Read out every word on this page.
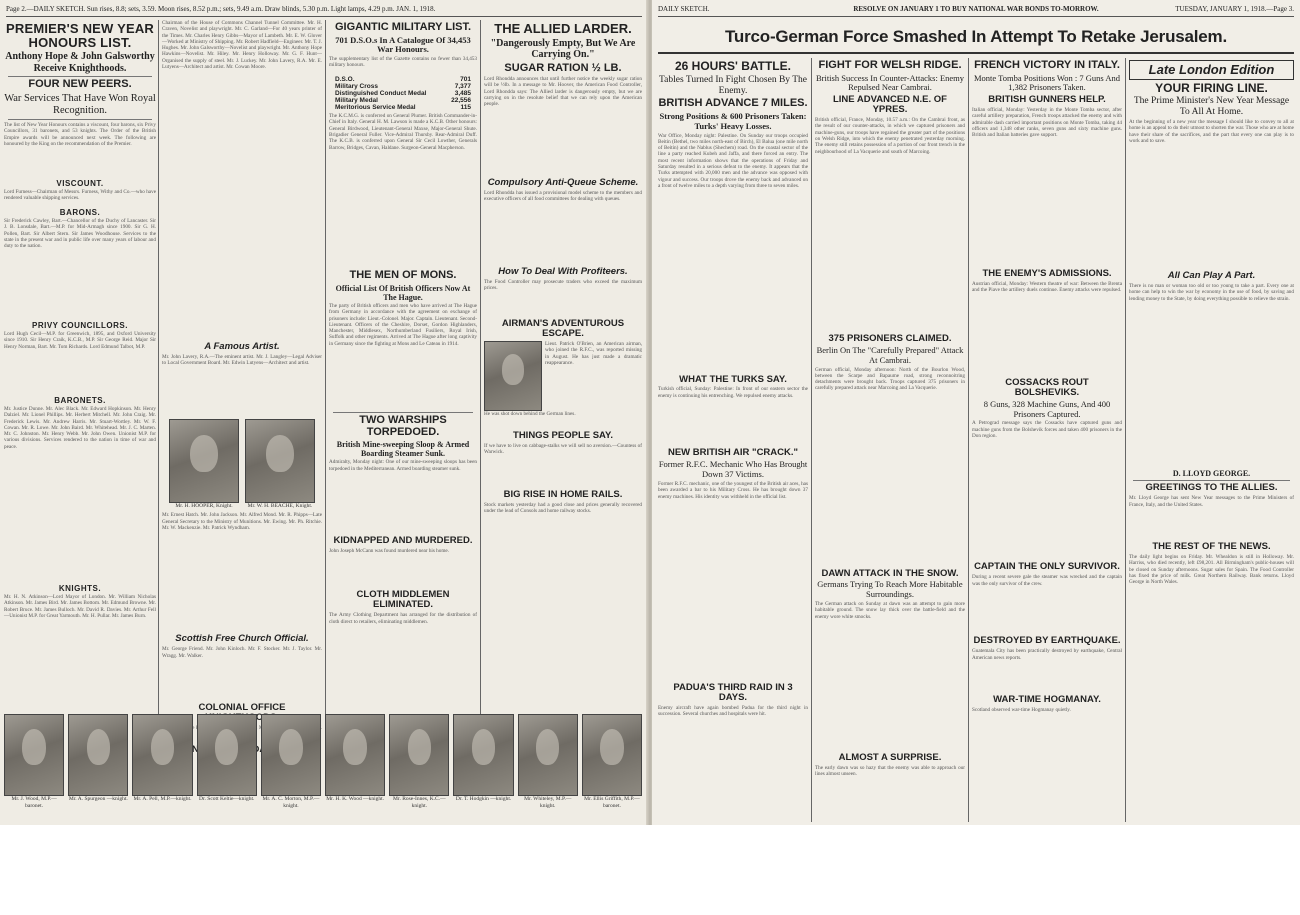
Page 2.—DAILY SKETCH. Sun rises, 8.8; sets, 3.59. Moon rises, 8.52 p.m.; sets, 9.49 a.m. Draw blinds, 5.30 p.m. Light lamps, 4.29 p.m. JAN. 1, 1918.
PREMIER'S NEW YEAR HONOURS LIST.
Anthony Hope & John Galsworthy Receive Knighthoods.
FOUR NEW PEERS.
War Services That Have Won Royal Recognition.
The list of New Year Honours contains a viscount, four barons, six Privy Councillors, 31 baronets, and 53 knights. The Order of the British Empire awards will be announced next week. The following are honoured by the King on the recommendation of the Premier.
VISCOUNT.
Lord Furness—Chairman of Messrs. Furness, Withy and Co.—who have rendered valuable shipping services.
BARONS.
Sir Frederick Cawley, Bart.—Chancellor of the Duchy of Lancaster. Sir J. B. Lonsdale, Bart.—M.P. for Mid-Armagh since 1900. Sir G. H. Pollen, Bart. Sir Albert Stern. Sir James Woodhouse. Services to the state in the present war and in public life over many years of labour and duty to the nation.
PRIVY COUNCILLORS.
Lord Hugh Cecil—M.P. for Greenwich, 1895, and Oxford University since 1910. Sir Henry Craik, K.C.B., M.P. Sir George Reid. Major Sir Henry Norman, Bart. Mr. Tom Richards. Lord Edmund Talbot, M.P.
BARONETS.
Mr. Justice Dunne. Mr. Alec Black. Mr. Edward Hopkinson. Mr. Henry Dalziel. Mr. Lionel Phillips. Mr. Herbert Mitchell. Mr. John Craig. Mr. Frederick Lewis. Mr. Andrew Harris. Mr. Stuart-Wortley. Mr. W. F. Cowan. Mr. R. Lowe. Mr. John Baird. Mr. Whitehead. Mr. J. C. Marten. Mr. C. Johnston. Mr. Henry Webb. Mr. John Owen. Unionist M.P. for various divisions. Services rendered to the nation in time of war and peace.
KNIGHTS.
Mr. H. N. Atkinson—Lord Mayor of London. Mr. William Nicholas Atkinson. Mr. James Bird. Mr. James Bottom. Mr. Edmund Browne. Mr. Robert Bruce. Mr. James Bulloch. Mr. David R. Davies. Mr. Arthur Fell—Unionist M.P. for Great Yarmouth. Mr. H. Pullar. Mr. James Burn.
Chairman of the House of Commons Channel Tunnel Committee. Mr. H. Craven, Novelist and playwright. Mr. C. Garland—For 40 years printer of the Times. Mr. Charles Henry Gibbs—Mayor of Lambeth. Mr. E. W. Glover—Worked at Ministry of Shipping. Mr. Robert Hadfield—Engineer. Mr. T. J. Hughes. Mr. John Galsworthy—Novelist and playwright. Mr. Anthony Hope Hawkins—Novelist. Mr. Hiley. Mr. Henry Holloway. Mr. G. F. Hunt—Organised the supply of steel. Mr. J. Luckey. Mr. John Lavery, R.A. Mr. E. Lutyens—Architect and artist. Mr. Cowan Moore.
A Famous Artist.
Mr. John Lavery, R.A.—The eminent artist. Mr. J. Langley—Legal Adviser to Local Government Board. Mr. Edwin Lutyens—Architect and artist.
Mr. H. HOOPER, Knight.	Mr. W. H. BEACHE, Knight.
Mr. Ernest Hatch. Mr. John Jackson. Mr. Alfred Mond. Mr. R. Phipps—Late General Secretary to the Ministry of Munitions. Mr. Ewing. Mr. Ph. Ritchie. Mr. W. Mackenzie. Mr. Patrick Wyndham.
Scottish Free Church Official.
Mr. George Friend. Mr. John Kinloch. Mr. F. Stocker. Mr. J. Taylor. Mr. Wragg. Mr. Walker.
COLONIAL OFFICE
KING
GIGANTIC MILITARY LIST.
701 D.S.O.s In A Catalogue Of 34,453 War Honours.
The supplementary list of the Gazette contains no fewer than 34,453 military honours.
D.S.O.	701
Military Cross	7,377
Distinguished Conduct Medal	3,485
Military Medal	22,556
Meritorious Service Medal	115
The K.C.M.G. is conferred on General Plumer. British Commander-in-Chief in Italy. General H. M. Lawson is made a K.C.B. Other honours: General Birdwood, Lieutenant-General Maxse, Major-General Shute. Brigadier General Fuller. Vice-Admiral Thursby. Rear-Admiral Duff. The K.C.B. is conferred upon General Sir Cecil Lowther, Generals Barrow, Bridges, Cavan, Haldane. Surgeon-General Macpherson.
THE MEN OF MONS.
Official List Of British Officers Now At The Hague.
The party of British officers and men who have arrived at The Hague from Germany in accordance with the agreement on exchange of prisoners include: Lieut.-Colonel. Major. Captain. Lieutenant. Second-Lieutenant. Officers of the Cheshire, Dorset, Gordon Highlanders, Manchester, Middlesex, Northumberland Fusiliers, Royal Irish, Suffolk and other regiments. Arrived at The Hague after long captivity in Germany since the fighting at Mons and Le Cateau in 1914.
THE ALLIED LARDER.
"Dangerously Empty, But We Are Carrying On."
SUGAR RATION ½ LB.
Lord Rhondda announces that until further notice the weekly sugar ration will be ½lb. In a message to Mr. Hoover, the American Food Controller, Lord Rhondda says: The Allied larder is dangerously empty, but we are carrying on in the resolute belief that we can rely upon the American people.
Compulsory Anti-Queue Scheme.
Lord Rhondda has issued a provisional model scheme to the members and executive officers of all food committees for dealing with queues.
How To Deal With Profiteers.
The Food Controller may prosecute traders who exceed the maximum prices.
AIRMAN'S ADVENTUROUS ESCAPE.
Lieut. Patrick O'Brien, an American airman, who joined the R.F.C., was reported missing in August. He has just made a dramatic reappearance.
He was shot down behind the German lines.
THINGS PEOPLE SAY.
If we have to live on cabbage-stalks we will sell no aversion.—Countess of Warwick.
BIG RISE IN HOME RAILS.
Stock markets yesterday had a good close and prices generally recovered under the lead of Consols and home railway stocks.
TWO WARSHIPS TORPEDOED.
British Mine-sweeping Sloop & Armed Boarding Steamer Sunk.
Admiralty, Monday night: One of our mine-sweeping sloops has been torpedoed in the Mediterranean. Armed boarding steamer sunk.
KIDNAPPED AND MURDERED.
John Joseph McCann was found murdered near his home.
CLOTH MIDDLEMEN ELIMINATED.
The Army Clothing Department has arranged for the distribution of cloth direct to retailers, eliminating middlemen.
Mr. J. Wood, M.P.—baronet.
Mr. A. Spurgeon —knight. Mr. A. Pell, M.P.—knight.	Dr. Scott Keltie—knight.	Mr. A. C. Morton, M.P.—knight.
Mr. H. K. Wood —knight.	Mr. Rose-Innes, K.C.—knight.
Dr. T. Hodgkin —knight.	Mr. Whiteley, M.P.—knight.
Mr. Ellis Griffith, M.P.—baronet.
DAILY SKETCH.	RESOLVE ON JANUARY 1 TO BUY NATIONAL WAR BONDS TO-MORROW.	TUESDAY, JANUARY 1, 1918.—Page 3.
Turco-German Force Smashed In Attempt To Retake Jerusalem.
26 HOURS' BATTLE.
Tables Turned In Fight Chosen By The Enemy.
BRITISH ADVANCE 7 MILES.
Strong Positions & 600 Prisoners Taken: Turks' Heavy Losses.
War Office, Monday night: Palestine. On Sunday our troops occupied Beitin (Bethel, two miles north-east of Birch), El Balua (one mile north of Beitin) and the Nablus (Shechem) road. On the coastal sector of the line a party reached Kubeh and Jaffa, and there forced an entry. The most recent information shows that the operations of Friday and Saturday resulted in a serious defeat to the enemy. It appears that the Turks attempted with 20,000 men and the advance was opposed with vigour and success. Our troops drove the enemy back and advanced on a front of twelve miles to a depth varying from three to seven miles.
WHAT THE TURKS SAY.
Turkish official, Sunday: Palestine: In front of our eastern sector the enemy is continuing his entrenching. We repulsed enemy attacks.
NEW BRITISH AIR "CRACK."
Former R.F.C. Mechanic Who Has Brought Down 37 Victims.
Former R.F.C. mechanic, one of the youngest of the British air aces, has been awarded a bar to his Military Cross. He has brought down 37 enemy machines. His identity was withheld in the official list.
PADUA'S THIRD RAID IN 3 DAYS.
Enemy aircraft have again bombed Padua for the third night in succession. Several churches and hospitals were hit.
FIGHT FOR WELSH RIDGE.
British Success In Counter-Attacks: Enemy Repulsed Near Cambrai.
LINE ADVANCED N.E. OF YPRES.
British official, France, Monday, 10.57 a.m.: On the Cambrai front, as the result of our counter-attacks, in which we captured prisoners and machine-guns, our troops have regained the greater part of the positions on Welsh Ridge, into which the enemy penetrated yesterday morning. The enemy still retains possession of a portion of our front trench in the neighbourhood of La Vacquerie and south of Marcoing.
375 PRISONERS CLAIMED.
Berlin On The "Carefully Prepared" Attack At Cambrai.
German official, Monday afternoon: North of the Bourlon Wood, between the Scarpe and Bapaume road, strong reconnoitring detachments were brought back. Troops captured 375 prisoners in carefully prepared attack near Marcoing and La Vacquerie.
DAWN ATTACK IN THE SNOW.
Germans Trying To Reach More Habitable Surroundings.
The German attack on Sunday at dawn was an attempt to gain more habitable ground. The snow lay thick over the battle-field and the enemy wore white smocks.
ALMOST A SURPRISE.
The early dawn was so hazy that the enemy was able to approach our lines almost unseen.
FRENCH VICTORY IN ITALY.
Monte Tomba Positions Won : 7 Guns And 1,382 Prisoners Taken.
BRITISH GUNNERS HELP.
Italian official, Monday: Yesterday in the Monte Tomba sector, after careful artillery preparation, French troops attacked the enemy and with admirable dash carried important positions on Monte Tomba, taking 44 officers and 1,348 other ranks, seven guns and sixty machine guns. British and Italian batteries gave support.
THE ENEMY'S ADMISSIONS.
Austrian official, Monday: Western theatre of war: Between the Brenta and the Piave the artillery duels continue. Enemy attacks were repulsed.
COSSACKS ROUT BOLSHEVIKS.
8 Guns, 328 Machine Guns, And 400 Prisoners Captured.
A Petrograd message says the Cossacks have captured guns and machine guns from the Bolshevik forces and taken 400 prisoners in the Don region.
CAPTAIN THE ONLY SURVIVOR.
During a recent severe gale the steamer was wrecked and the captain was the only survivor of the crew.
DESTROYED BY EARTHQUAKE.
Guatemala City has been practically destroyed by earthquake, Central American news reports.
WAR-TIME HOGMANAY.
Scotland observed war-time Hogmanay quietly.
Late London Edition
YOUR FIRING LINE.
The Prime Minister's New Year Message To All At Home.
At the beginning of a new year the message I should like to convey to all at home is an appeal to do their utmost to shorten the war. Those who are at home have their share of the sacrifices, and the part that every one can play is to work and to save.
All Can Play A Part.
There is no man or woman too old or too young to take a part. Every one at home can help to win the war by economy in the use of food, by saving and lending money to the State, by doing everything possible to relieve the strain.
D. LLOYD GEORGE.
GREETINGS TO THE ALLIES.
Mr. Lloyd George has sent New Year messages to the Prime Ministers of France, Italy, and the United States.
THE REST OF THE NEWS.
The daily light begins on Friday. Mr. Whealdon is still in Holloway. Mr. Harriss, who died recently, left £98,201. All Birmingham's public-houses will be closed on Sunday afternoons. Sugar sales for Spain. The Food Controller has fixed the price of milk. Great Northern Railway. Bank returns. Lloyd George in North Wales.
